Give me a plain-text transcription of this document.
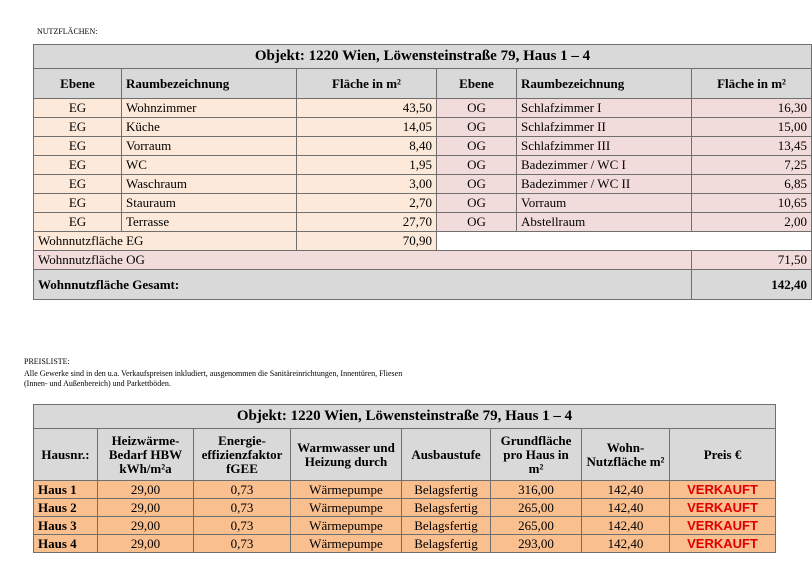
NUTZFLÄCHEN:
Objekt: 1220 Wien, Löwensteinstraße 79, Haus 1 – 4					
Ebene	Raumbezeichnung	Fläche in m²	Ebene	Raumbezeichnung	Fläche in m²
EG	Wohnzimmer	43,50	OG	Schlafzimmer I	16,30
EG	Küche	14,05	OG	Schlafzimmer II	15,00
EG	Vorraum	8,40	OG	Schlafzimmer III	13,45
EG	WC	1,95	OG	Badezimmer / WC I	7,25
EG	Waschraum	3,00	OG	Badezimmer / WC II	6,85
EG	Stauraum	2,70	OG	Vorraum	10,65
EG	Terrasse	27,70	OG	Abstellraum	2,00
Wohnnutzfläche EG		70,90			
Wohnnutzfläche OG					71,50
Wohnnutzfläche Gesamt:					142,40
PREISLISTE:
Alle Gewerke sind in den u.a. Verkaufspreisen inkludiert, ausgenommen die Sanitäreinrichtungen, Innentüren, Fliesen
(Innen- und Außenbereich) und Parkettböden.
Objekt: 1220 Wien, Löwensteinstraße 79, Haus 1 – 4							
Hausnr.:	Heizwärme-Bedarf HBW kWh/m²a	Energie-effizienzfaktor fGEE	Warmwasser und Heizung durch	Ausbaustufe	Grundfläche pro Haus in m²	Wohn-Nutzfläche m²	Preis €
Haus 1	29,00	0,73	Wärmepumpe	Belagsfertig	316,00	142,40	VERKAUFT
Haus 2	29,00	0,73	Wärmepumpe	Belagsfertig	265,00	142,40	VERKAUFT
Haus 3	29,00	0,73	Wärmepumpe	Belagsfertig	265,00	142,40	VERKAUFT
Haus 4	29,00	0,73	Wärmepumpe	Belagsfertig	293,00	142,40	VERKAUFT
